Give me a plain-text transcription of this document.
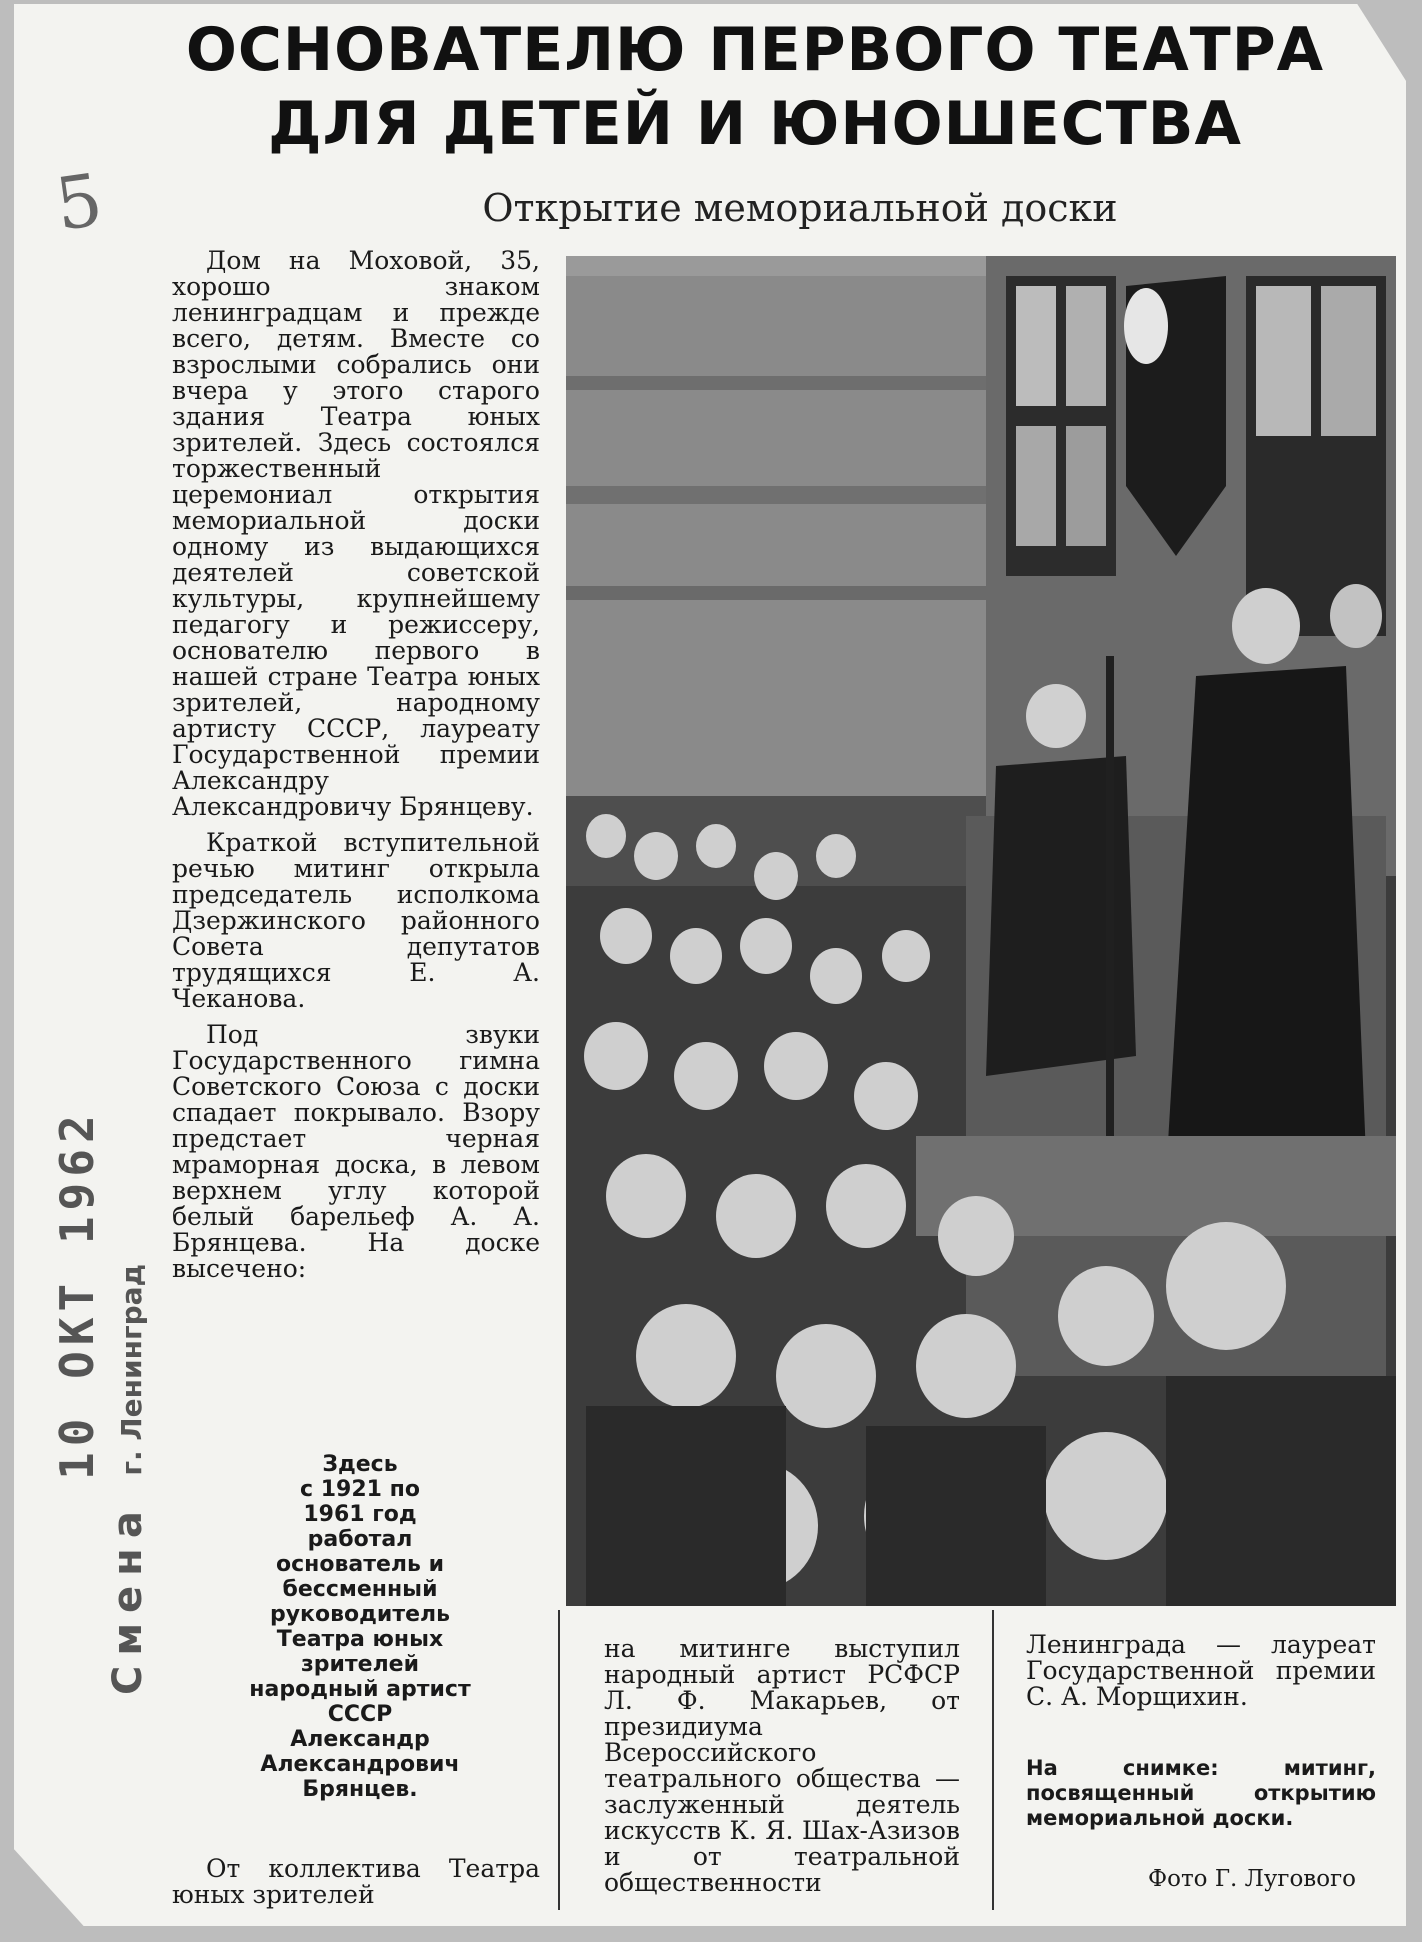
5
ОСНОВАТЕЛЮ ПЕРВОГО ТЕАТРА
ДЛЯ ДЕТЕЙ И ЮНОШЕСТВА
Открытие мемориальной доски
10 ОКТ 1962
Смена г. Ленинград

Дом на Моховой, 35, хорошо знаком ленинградцам и прежде всего, детям. Вместе со взрослыми собрались они вчера у этого старого здания Театра юных зрителей. Здесь состоялся торжественный церемониал открытия мемориальной доски одному из выдающихся деятелей советской культуры, крупнейшему педагогу и режиссеру, основателю первого в нашей стране Театра юных зрителей, народному артисту СССР, лауреату Государственной премии Александру Александровичу Брянцеву.

Краткой вступительной речью митинг открыла председатель исполкома Дзержинского районного Совета депутатов трудящихся Е. А. Чеканова.

Под звуки Государственного гимна Советского Союза с доски спадает покрывало. Взору предстает черная мраморная доска, в левом верхнем углу которой белый барельеф А. А. Брянцева. На доске высечено:

Здесь
с 1921 по
1961 год
работал
основатель и
бессменный
руководитель
Театра юных
зрителей
народный артист
СССР
Александр
Александрович
Брянцев.

От коллектива Театра юных зрителей

на митинге выступил народный артист РСФСР Л. Ф. Макарьев, от президиума Всероссийского театрального общества — заслуженный деятель искусств К. Я. Шах-Азизов и от театральной общественности

Ленинграда — лауреат Государственной премии С. А. Морщихин.

На снимке: митинг, посвященный открытию мемориальной доски.
Фото Г. Лугового
